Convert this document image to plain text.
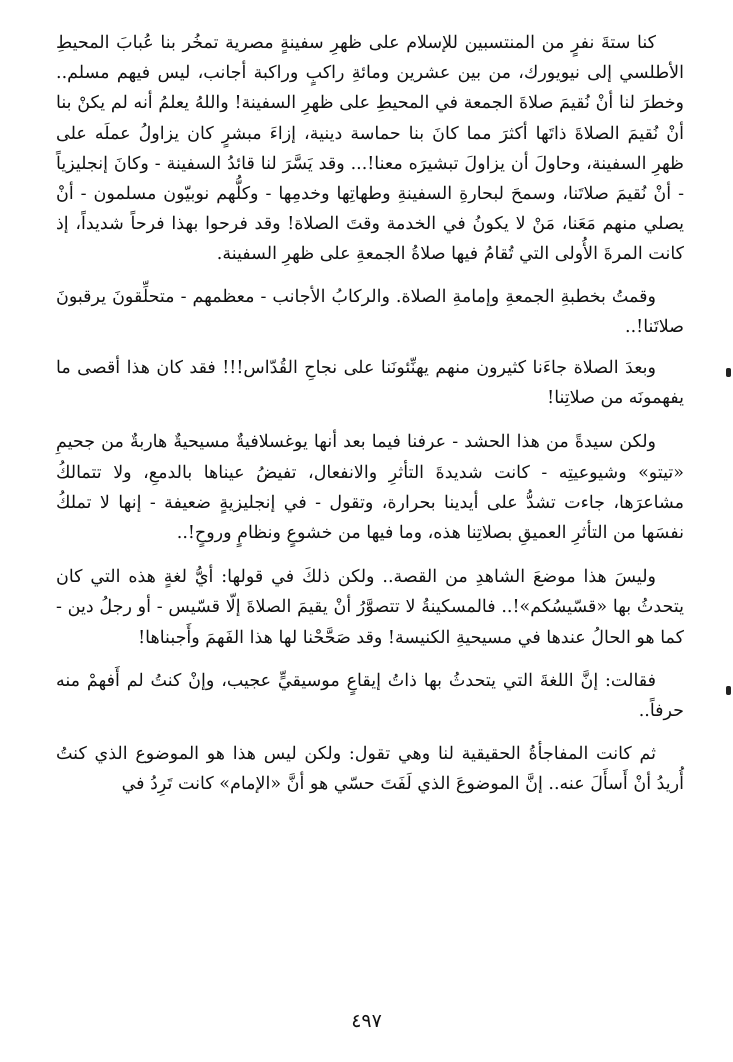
كنا ستةَ نفرٍ من المنتسبين للإسلام على ظهرِ سفينةٍ مصرية تمخُر بنا عُبابَ المحيطِ الأطلسي إلى نيويورك، من بين عشرين ومائةِ راكبٍ وراكبة أجانب، ليس فيهم مسلم.. وخطرَ لنا أنْ نُقيمَ صلاةَ الجمعة في المحيطِ على ظهرِ السفينة! واللهُ يعلمُ أنه لم يكنْ بنا أنْ نُقيمَ الصلاةَ ذاتَها أكثرَ مما كانَ بنا حماسة دينية، إزاءَ مبشرٍ كان يزاولُ عملَه على ظهرِ السفينة، وحاولَ أن يزاولَ تبشيرَه معنا!... وقد يَسَّرَ لنا قائدُ السفينة - وكانَ إنجليزياً - أنْ نُقيمَ صلاتَنا، وسمحَ لبحارةِ السفينةِ وطهاتِها وخدمِها - وكلُّهم نوبيّون مسلمون - أنْ يصلي منهم مَعَنا، مَنْ لا يكونُ في الخدمة وقتَ الصلاة! وقد فرحوا بهذا فرحاً شديداً، إذ كانت المرةَ الأُولى التي تُقامُ فيها صلاةُ الجمعةِ على ظهرِ السفينة.

وقمتُ بخطبةِ الجمعةِ وإمامةِ الصلاة. والركابُ الأجانب - معظمهم - متحلِّقونَ يرقبونَ صلاتَنا!..

وبعدَ الصلاة جاءَنا كثيرون منهم يهنِّئونَنا على نجاحِ القُدّاس!!! فقد كان هذا أقصى ما يفهمونَه من صلاتِنا!

ولكن سيدةً من هذا الحشد - عرفنا فيما بعد أنها يوغسلافيةٌ مسيحيةٌ هاربةٌ من جحيمِ «تيتو» وشيوعيتِه - كانت شديدةَ التأثرِ والانفعال، تفيضُ عيناها بالدمعِ، ولا تتمالكُ مشاعرَها، جاءت تشدُّ على أيدينا بحرارة، وتقول - في إنجليزيةٍ ضعيفة - إنها لا تملكُ نفسَها من التأثرِ العميقِ بصلاتِنا هذه، وما فيها من خشوعٍ ونظامٍ وروحٍ!..

وليسَ هذا موضعَ الشاهدِ من القصة.. ولكن ذلكَ في قولها: أيُّ لغةٍ هذه التي كان يتحدثُ بها «قسّيسُكم»!.. فالمسكينةُ لا تتصوَّرُ أنْ يقيمَ الصلاةَ إلّا قسّيس - أو رجلُ دين - كما هو الحالُ عندها في مسيحيةِ الكنيسة! وقد صَحَّحْنا لها هذا الفَهمَ وأَجبناها!

فقالت: إنَّ اللغةَ التي يتحدثُ بها ذاتُ إيقاعٍ موسيقيٍّ عجيب، وإنْ كنتُ لم أَفهمْ منه حرفاً..

ثم كانت المفاجأةُ الحقيقية لنا وهي تقول: ولكن ليس هذا هو الموضوع الذي كنتُ أُريدُ أنْ أَسأَلَ عنه.. إنَّ الموضوعَ الذي لَفَتَ حسّي هو أنَّ «الإمام» كانت تَرِدُ في

٤٩٧
